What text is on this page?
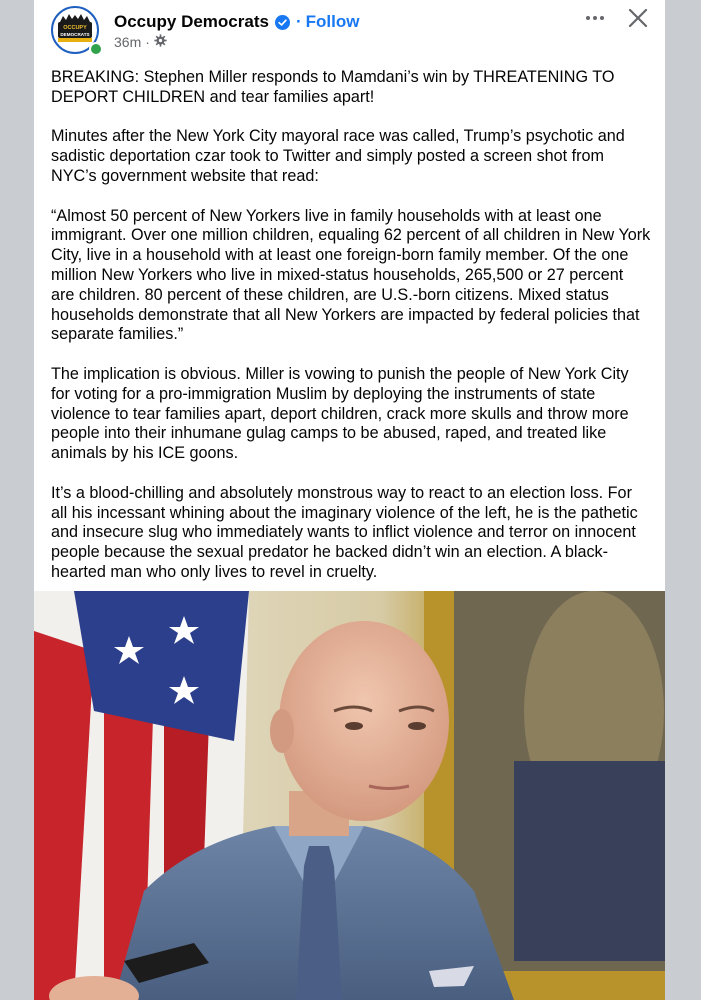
OCCUPY
DEMOCRATS
Occupy Democrats · Follow
36m ·

BREAKING: Stephen Miller responds to Mamdani’s win by THREATENING TO DEPORT CHILDREN and tear families apart!

Minutes after the New York City mayoral race was called, Trump’s psychotic and sadistic deportation czar took to Twitter and simply posted a screen shot from NYC’s government website that read:

“Almost 50 percent of New Yorkers live in family households with at least one immigrant. Over one million children, equaling 62 percent of all children in New York City, live in a household with at least one foreign-born family member. Of the one million New Yorkers who live in mixed-status households, 265,500 or 27 percent are children. 80 percent of these children, are U.S.-born citizens. Mixed status households demonstrate that all New Yorkers are impacted by federal policies that separate families.”

The implication is obvious. Miller is vowing to punish the people of New York City for voting for a pro-immigration Muslim by deploying the instruments of state violence to tear families apart, deport children, crack more skulls and throw more people into their inhumane gulag camps to be abused, raped, and treated like animals by his ICE goons.

It’s a blood-chilling and absolutely monstrous way to react to an election loss. For all his incessant whining about the imaginary violence of the left, he is the pathetic and insecure slug who immediately wants to inflict violence and terror on innocent people because the sexual predator he backed didn’t win an election. A black-hearted man who only lives to revel in cruelty.
